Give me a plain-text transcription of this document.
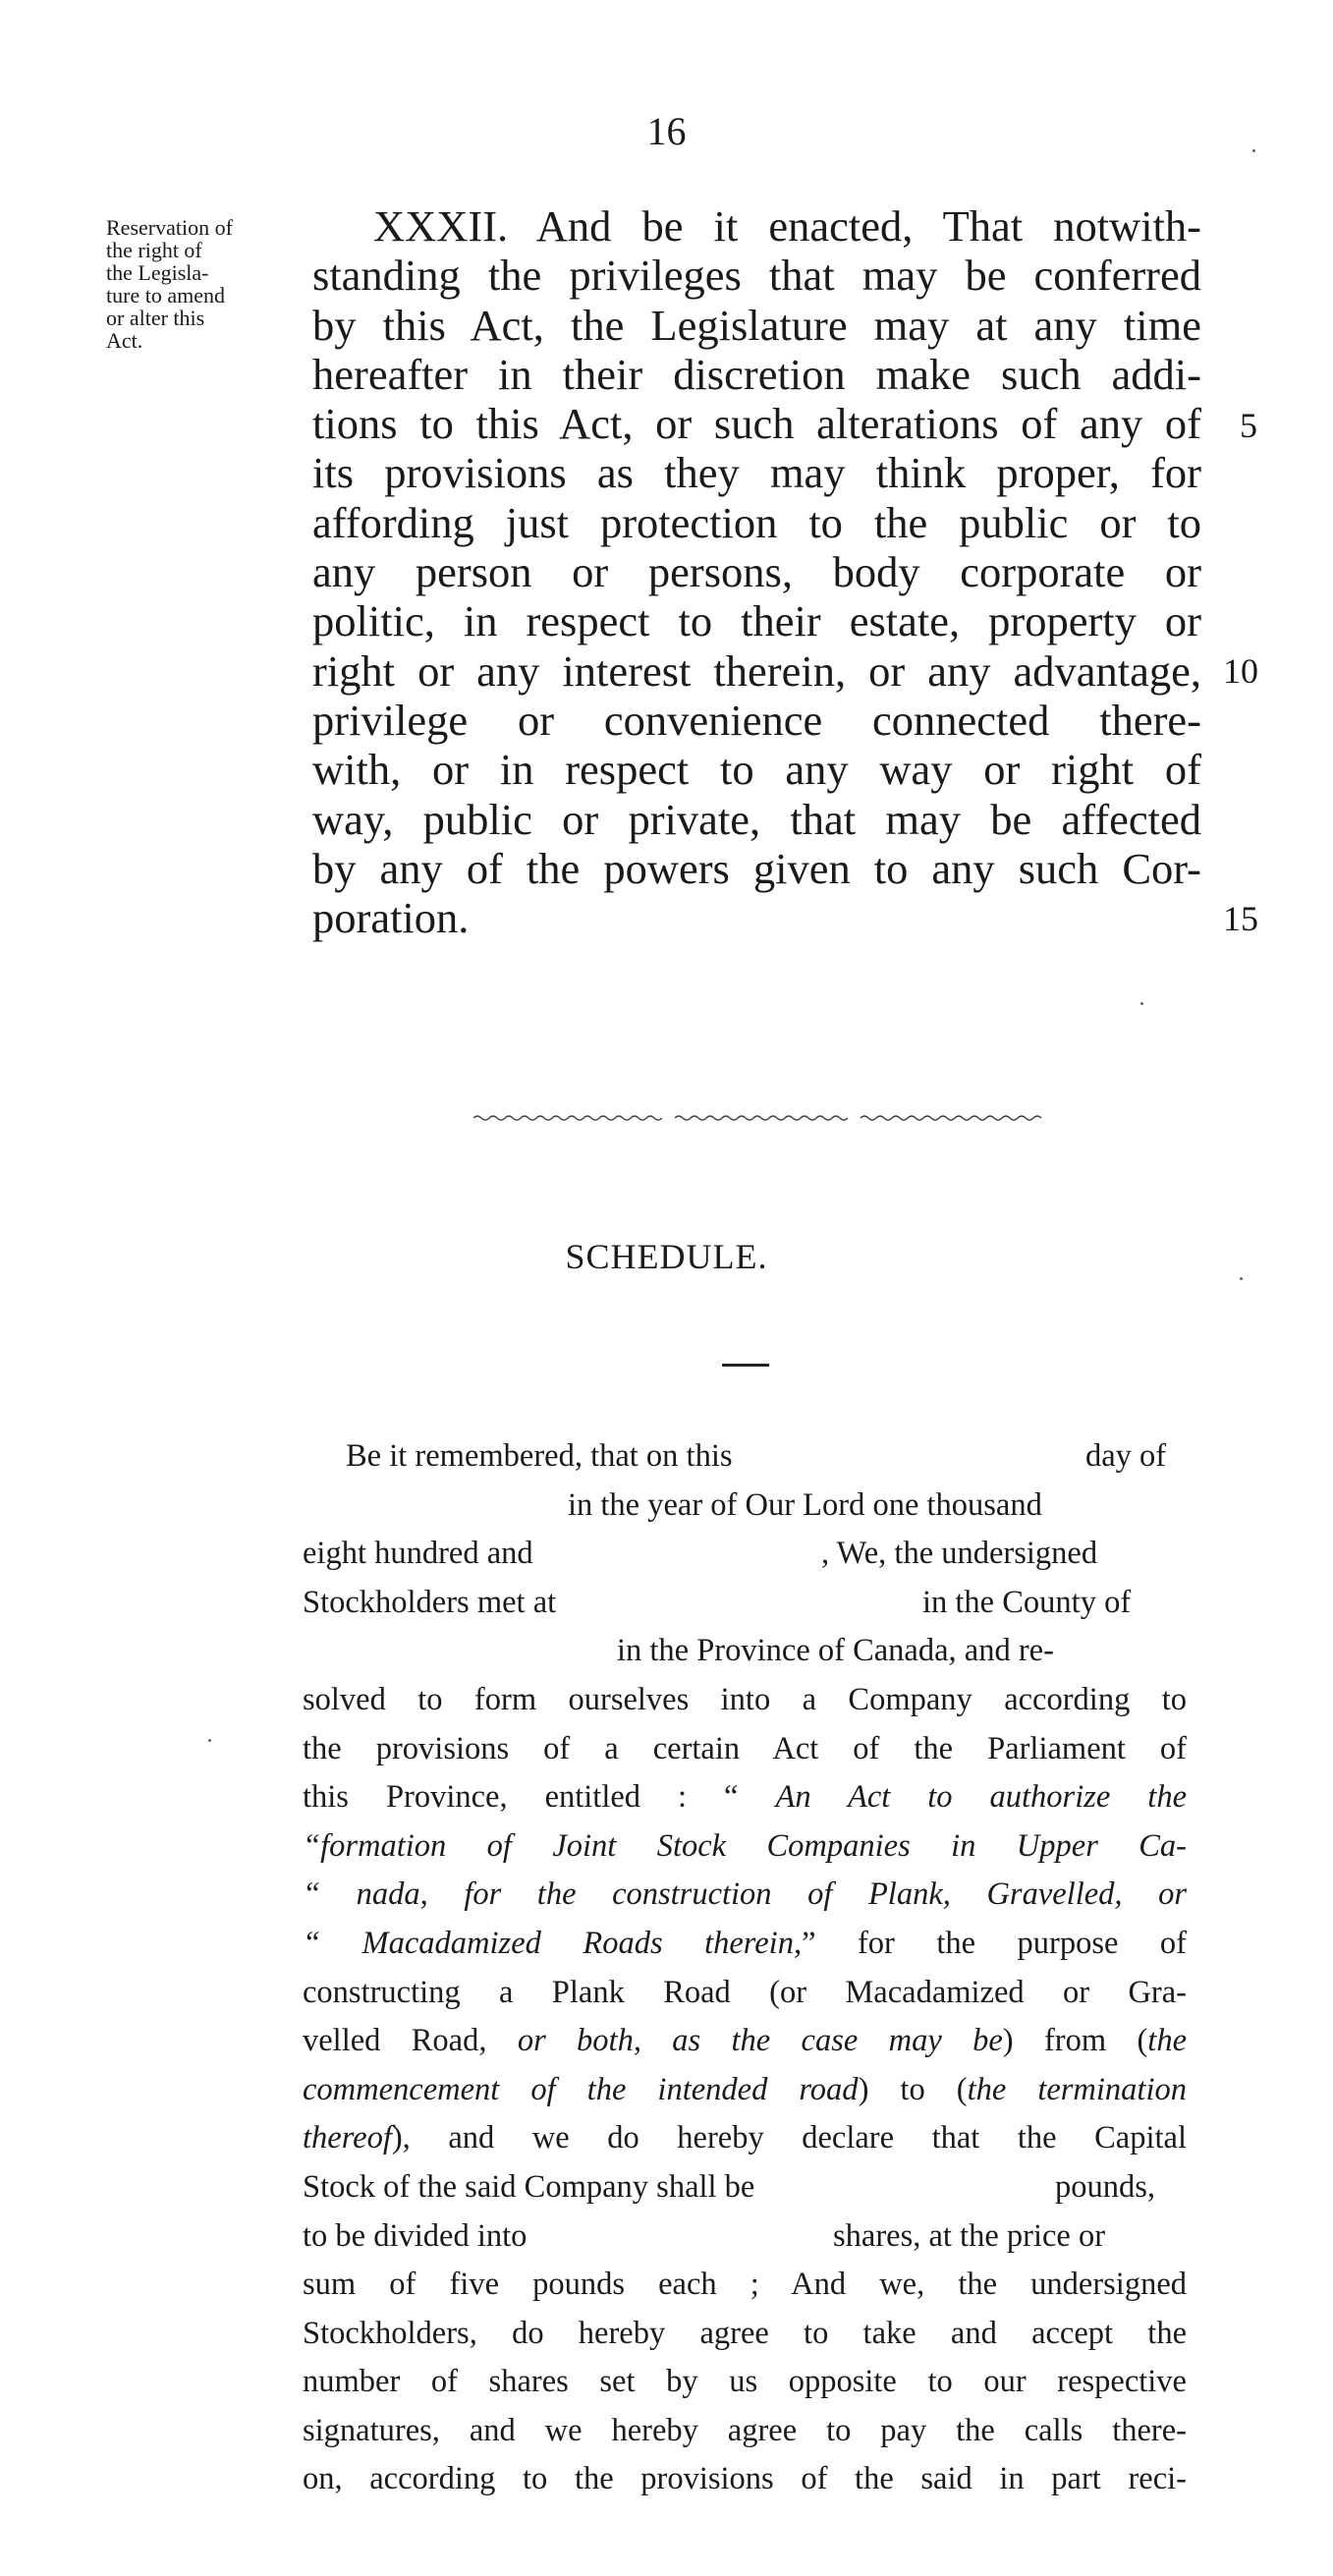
16
Reservation of
the right of
the Legisla-
ture to amend
or alter this
Act.
XXXII. And be it enacted, That notwith-
standing the privileges that may be conferred
by this Act, the Legislature may at any time
hereafter in their discretion make such addi-
tions to this Act, or such alterations of any of
its provisions as they may think proper, for
affording just protection to the public or to
any person or persons, body corporate or
politic, in respect to their estate, property or
right or any interest therein, or any advantage,
privilege or convenience connected there-
with, or in respect to any way or right of
way, public or private, that may be affected
by any of the powers given to any such Cor-
poration.
5
10
15
SCHEDULE.
Be it remembered, that on this	day of
in the year of Our Lord one thousand
eight hundred and	, We, the undersigned
Stockholders met at	in the County of
in the Province of Canada, and re-
solved to form ourselves into a Company according to
the provisions of a certain Act of the Parliament of
this Province, entitled : “ An Act to authorize the
“formation of Joint Stock Companies in Upper Ca-
“ nada, for the construction of Plank, Gravelled, or
“ Macadamized Roads therein,” for the purpose of
constructing a Plank Road (or Macadamized or Gra-
velled Road, or both, as the case may be) from (the
commencement of the intended road) to (the termination
thereof), and we do hereby declare that the Capital
Stock of the said Company shall be	pounds,
to be divided into	shares, at the price or
sum of five pounds each ; And we, the undersigned
Stockholders, do hereby agree to take and accept the
number of shares set by us opposite to our respective
signatures, and we hereby agree to pay the calls there-
on, according to the provisions of the said in part reci-
